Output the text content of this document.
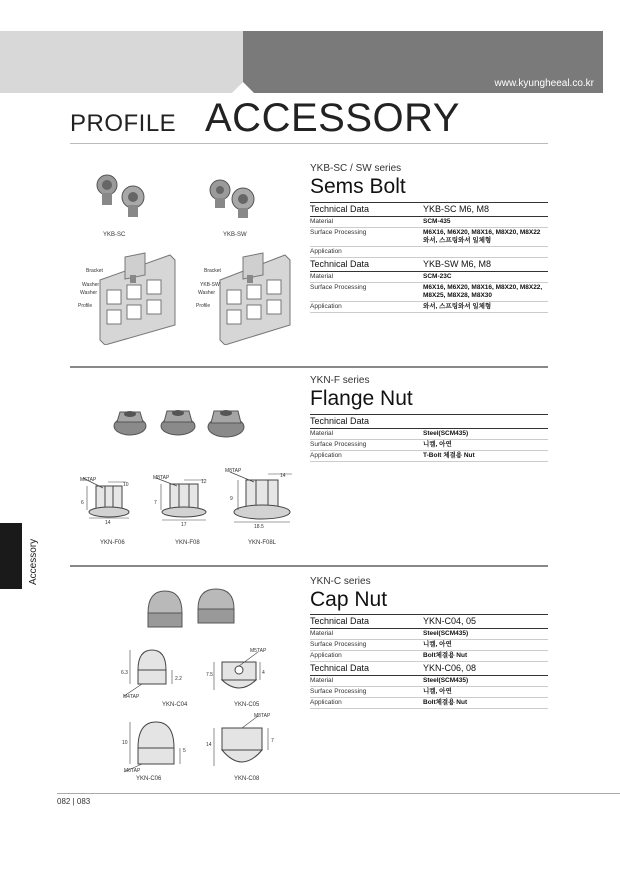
www.kyungheeal.co.kr
PROFILE ACCESSORY
YKB-SC	YKB-SW
Bracket
Washer
Washer
Profile
Bracket
YKB-SW
Washer
Profile
YKB-SC / SW series
Sems Bolt
Technical Data	YKB-SC M6, M8
Material	SCM-435
Surface Processing	M6X16, M6X20, M8X16, M8X20, M8X22 와셔, 스프링와셔 일체형
Application	
Technical Data	YKB-SW M6, M8
Material	SCM-23C
Surface Processing	M6X16, M6X20, M8X16, M8X20, M8X22, M8X25, M8X28, M8X30
Application	와셔, 스프링와셔 일체형
M6TAP
10
6
14
YKN-F06
M8TAP
12
7
17
YKN-F08
M8TAP
14
9
18.5
YKN-F08L
YKN-F series
Flange Nut
Technical Data	
Material	Steel(SCM435)
Surface Processing	니켈, 아연
Application	T-Bolt 체결용 Nut
Accessory
M4TAP
6.3
2.2
YKN-C04
M5TAP
7.5	4
YKN-C05
M6TAP
10
5
YKN-C06
M8TAP
14
7
YKN-C08
YKN-C series
Cap Nut
Technical Data	YKN-C04, 05
Material	Steel(SCM435)
Surface Processing	니켈, 아연
Application	Bolt체결용 Nut
Technical Data	YKN-C06, 08
Material	Steel(SCM435)
Surface Processing	니켈, 아연
Application	Bolt체결용 Nut
082 | 083
